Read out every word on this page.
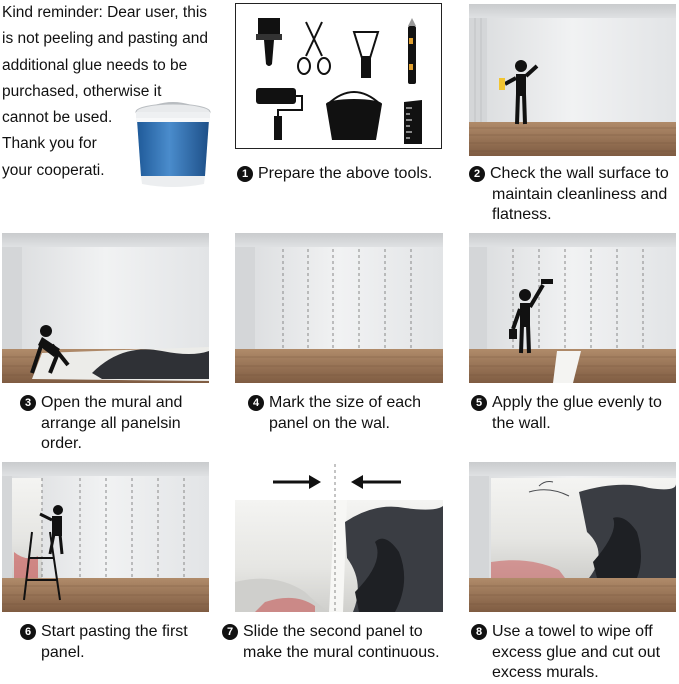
Kind reminder: Dear user, this
is not peeling and pasting and
additional glue needs to be
purchased, otherwise it
cannot be used.
Thank you for
your cooperati.	1 Prepare the above tools.	2 Check the wall surface to
maintain cleanliness and
flatness.
3 Open the mural and
arrange all panelsin
order.
4 Mark the size of each
panel on the wal.
5 Apply the glue evenly to
the wall.
6 Start pasting the first
panel.
7 Slide the second panel to
make the mural continuous.
8 Use a towel to wipe off
excess glue and cut out
excess murals.
